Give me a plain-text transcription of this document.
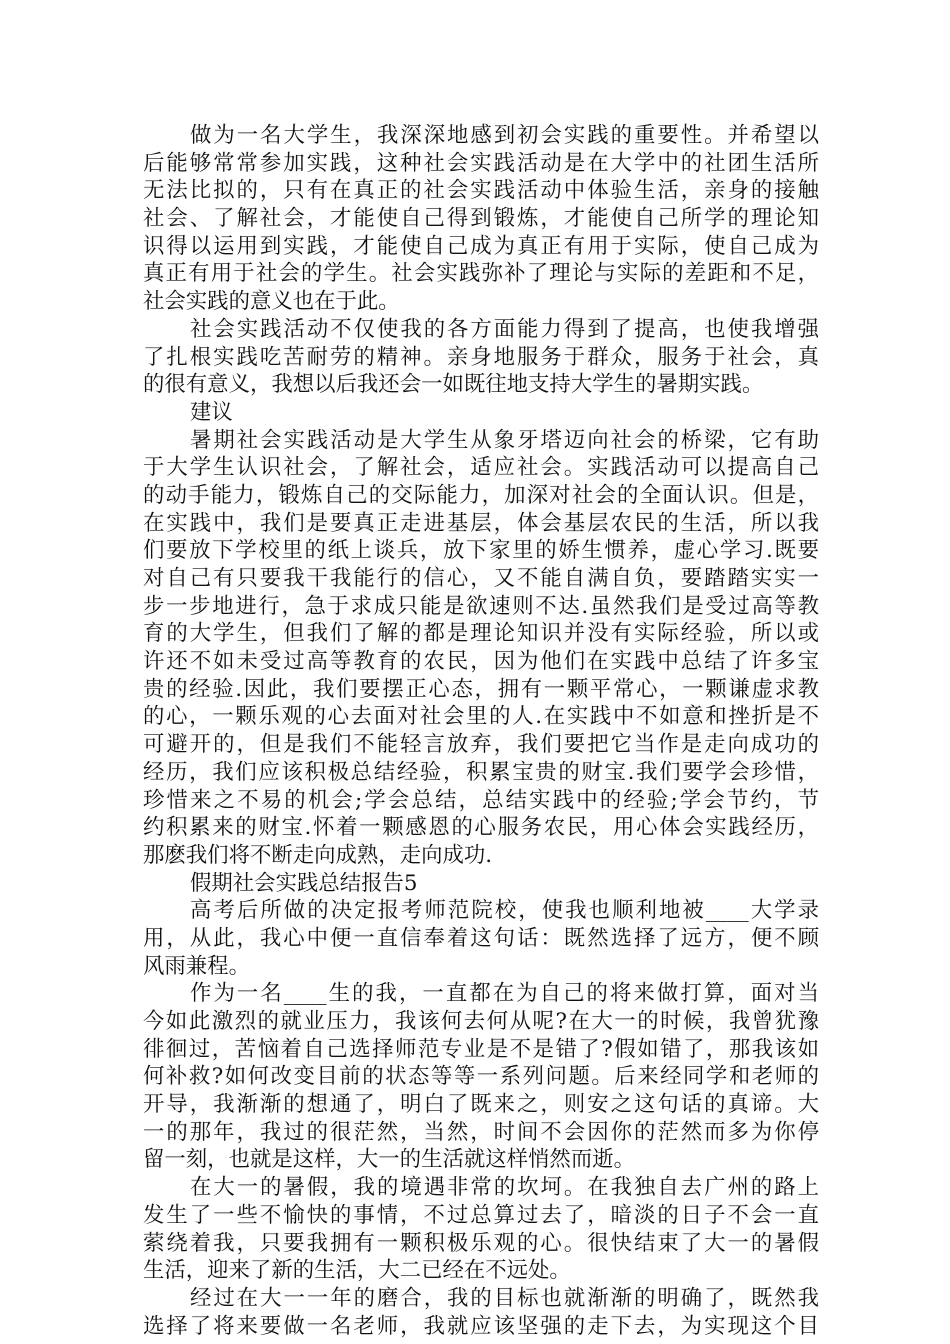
做为一名大学生，我深深地感到初会实践的重要性。并希望以
后能够常常参加实践，这种社会实践活动是在大学中的社团生活所
无法比拟的，只有在真正的社会实践活动中体验生活，亲身的接触
社会、了解社会，才能使自己得到锻炼，才能使自己所学的理论知
识得以运用到实践，才能使自己成为真正有用于实际，使自己成为
真正有用于社会的学生。社会实践弥补了理论与实际的差距和不足，
社会实践的意义也在于此。
社会实践活动不仅使我的各方面能力得到了提高，也使我增强
了扎根实践吃苦耐劳的精神。亲身地服务于群众，服务于社会，真
的很有意义，我想以后我还会一如既往地支持大学生的暑期实践。
建议
暑期社会实践活动是大学生从象牙塔迈向社会的桥梁，它有助
于大学生认识社会，了解社会，适应社会。实践活动可以提高自己
的动手能力，锻炼自己的交际能力，加深对社会的全面认识。但是，
在实践中，我们是要真正走进基层，体会基层农民的生活，所以我
们要放下学校里的纸上谈兵，放下家里的娇生惯养，虚心学习.既要
对自己有只要我干我能行的信心，又不能自满自负，要踏踏实实一
步一步地进行，急于求成只能是欲速则不达.虽然我们是受过高等教
育的大学生，但我们了解的都是理论知识并没有实际经验，所以或
许还不如未受过高等教育的农民，因为他们在实践中总结了许多宝
贵的经验.因此，我们要摆正心态，拥有一颗平常心，一颗谦虚求教
的心，一颗乐观的心去面对社会里的人.在实践中不如意和挫折是不
可避开的，但是我们不能轻言放弃，我们要把它当作是走向成功的
经历，我们应该积极总结经验，积累宝贵的财宝.我们要学会珍惜，
珍惜来之不易的机会;学会总结，总结实践中的经验;学会节约，节
约积累来的财宝.怀着一颗感恩的心服务农民，用心体会实践经历，
那麽我们将不断走向成熟，走向成功.
假期社会实践总结报告5
高考后所做的决定报考师范院校，使我也顺利地被____大学录
用，从此，我心中便一直信奉着这句话：既然选择了远方，便不顾
风雨兼程。
作为一名____生的我，一直都在为自己的将来做打算，面对当
今如此激烈的就业压力，我该何去何从呢?在大一的时候，我曾犹豫
徘徊过，苦恼着自己选择师范专业是不是错了?假如错了，那我该如
何补救?如何改变目前的状态等等一系列问题。后来经同学和老师的
开导，我渐渐的想通了，明白了既来之，则安之这句话的真谛。大
一的那年，我过的很茫然，当然，时间不会因你的茫然而多为你停
留一刻，也就是这样，大一的生活就这样悄然而逝。
在大一的暑假，我的境遇非常的坎坷。在我独自去广州的路上
发生了一些不愉快的事情，不过总算过去了，暗淡的日子不会一直
萦绕着我，只要我拥有一颗积极乐观的心。很快结束了大一的暑假
生活，迎来了新的生活，大二已经在不远处。
经过在大一一年的磨合，我的目标也就渐渐的明确了，既然我
选择了将来要做一名老师，我就应该坚强的走下去，为实现这个目
